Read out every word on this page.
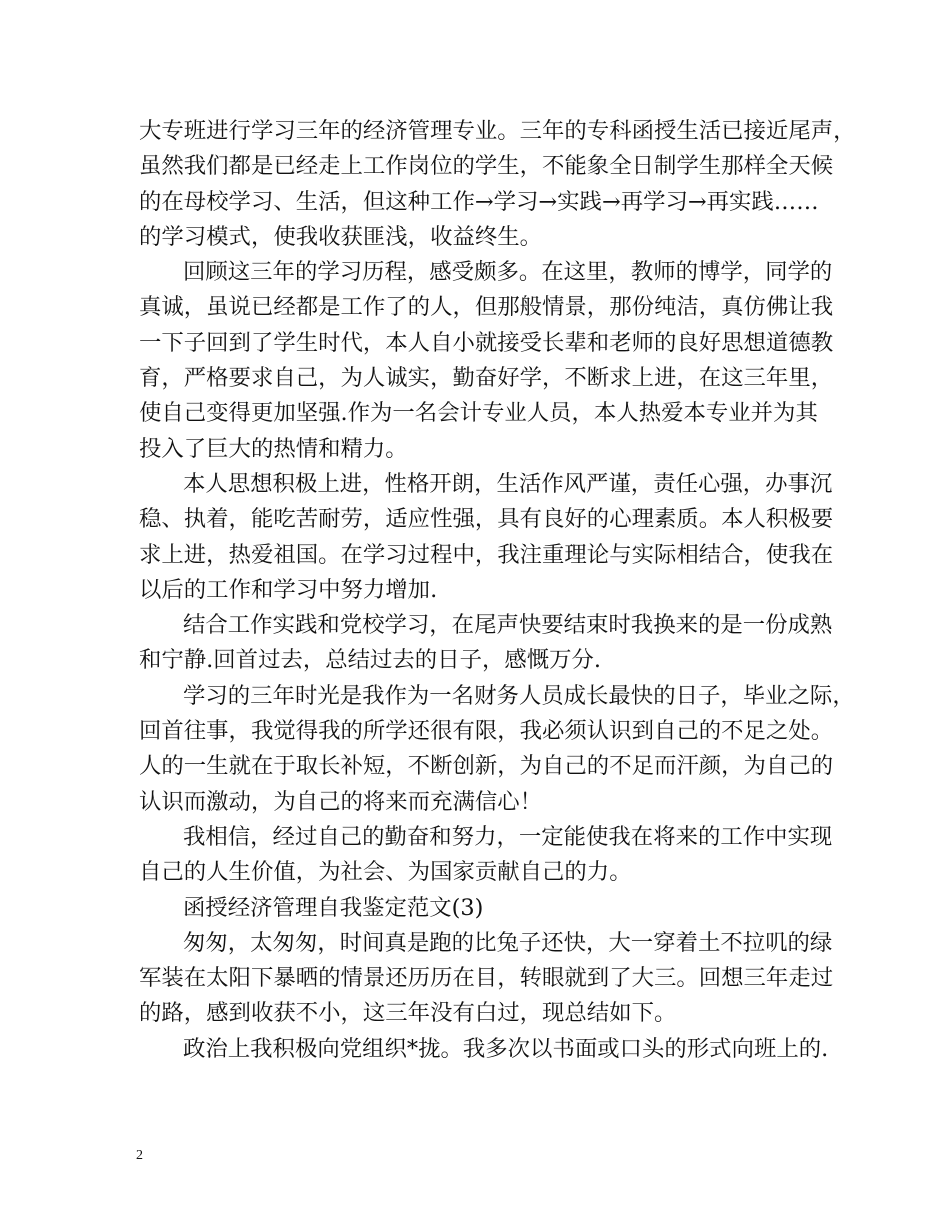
大专班进行学习三年的经济管理专业。三年的专科函授生活已接近尾声，
虽然我们都是已经走上工作岗位的学生，不能象全日制学生那样全天候
的在母校学习、生活，但这种工作→学习→实践→再学习→再实践……
的学习模式，使我收获匪浅，收益终生。
回顾这三年的学习历程，感受颇多。在这里，教师的博学，同学的
真诚，虽说已经都是工作了的人，但那般情景，那份纯洁，真仿佛让我
一下子回到了学生时代，本人自小就接受长辈和老师的良好思想道德教
育，严格要求自己，为人诚实，勤奋好学，不断求上进，在这三年里，
使自己变得更加坚强.作为一名会计专业人员，本人热爱本专业并为其
投入了巨大的热情和精力。
本人思想积极上进，性格开朗，生活作风严谨，责任心强，办事沉
稳、执着，能吃苦耐劳，适应性强，具有良好的心理素质。本人积极要
求上进，热爱祖国。在学习过程中，我注重理论与实际相结合，使我在
以后的工作和学习中努力增加.
结合工作实践和党校学习，在尾声快要结束时我换来的是一份成熟
和宁静.回首过去，总结过去的日子，感慨万分.
学习的三年时光是我作为一名财务人员成长最快的日子，毕业之际，
回首往事，我觉得我的所学还很有限，我必须认识到自己的不足之处。
人的一生就在于取长补短，不断创新，为自己的不足而汗颜，为自己的
认识而激动，为自己的将来而充满信心！
我相信，经过自己的勤奋和努力，一定能使我在将来的工作中实现
自己的人生价值，为社会、为国家贡献自己的力。
函授经济管理自我鉴定范文(3)
匆匆，太匆匆，时间真是跑的比兔子还快，大一穿着土不拉叽的绿
军装在太阳下暴晒的情景还历历在目，转眼就到了大三。回想三年走过
的路，感到收获不小，这三年没有白过，现总结如下。
政治上我积极向党组织*拢。我多次以书面或口头的形式向班上的.
2
